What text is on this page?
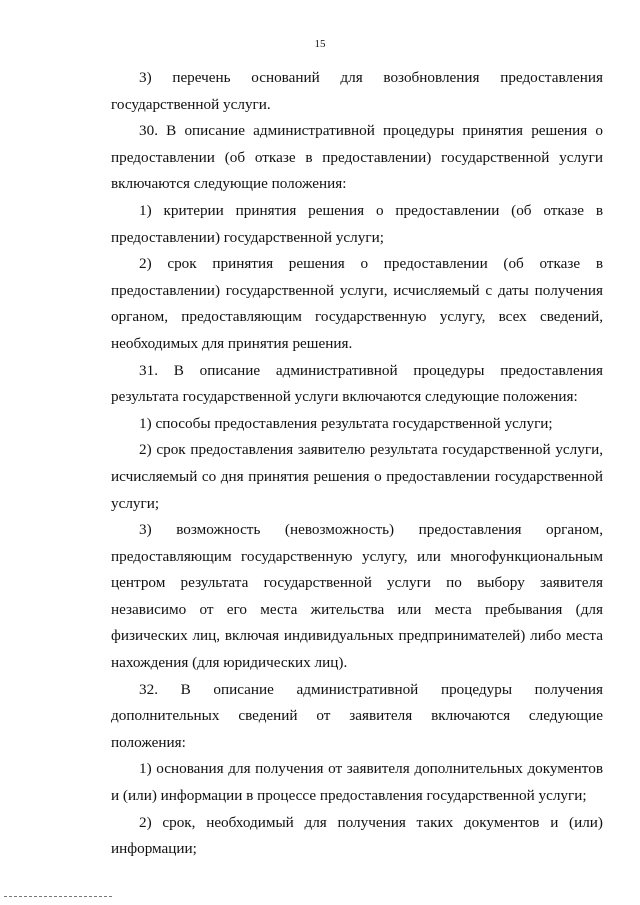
15

3) перечень оснований для возобновления предоставления государственной услуги.

30. В описание административной процедуры принятия решения о предоставлении (об отказе в предоставлении) государственной услуги включаются следующие положения:

1) критерии принятия решения о предоставлении (об отказе в предоставлении) государственной услуги;

2) срок принятия решения о предоставлении (об отказе в предоставлении) государственной услуги, исчисляемый с даты получения органом, предоставляющим государственную услугу, всех сведений, необходимых для принятия решения.

31. В описание административной процедуры предоставления результата государственной услуги включаются следующие положения:

1) способы предоставления результата государственной услуги;

2) срок предоставления заявителю результата государственной услуги, исчисляемый со дня принятия решения о предоставлении государственной услуги;

3) возможность (невозможность) предоставления органом, предоставляющим государственную услугу, или многофункциональным центром результата государственной услуги по выбору заявителя независимо от его места жительства или места пребывания (для физических лиц, включая индивидуальных предпринимателей) либо места нахождения (для юридических лиц).

32. В описание административной процедуры получения дополнительных сведений от заявителя включаются следующие положения:

1) основания для получения от заявителя дополнительных документов и (или) информации в процессе предоставления государственной услуги;

2) срок, необходимый для получения таких документов и (или) информации;
